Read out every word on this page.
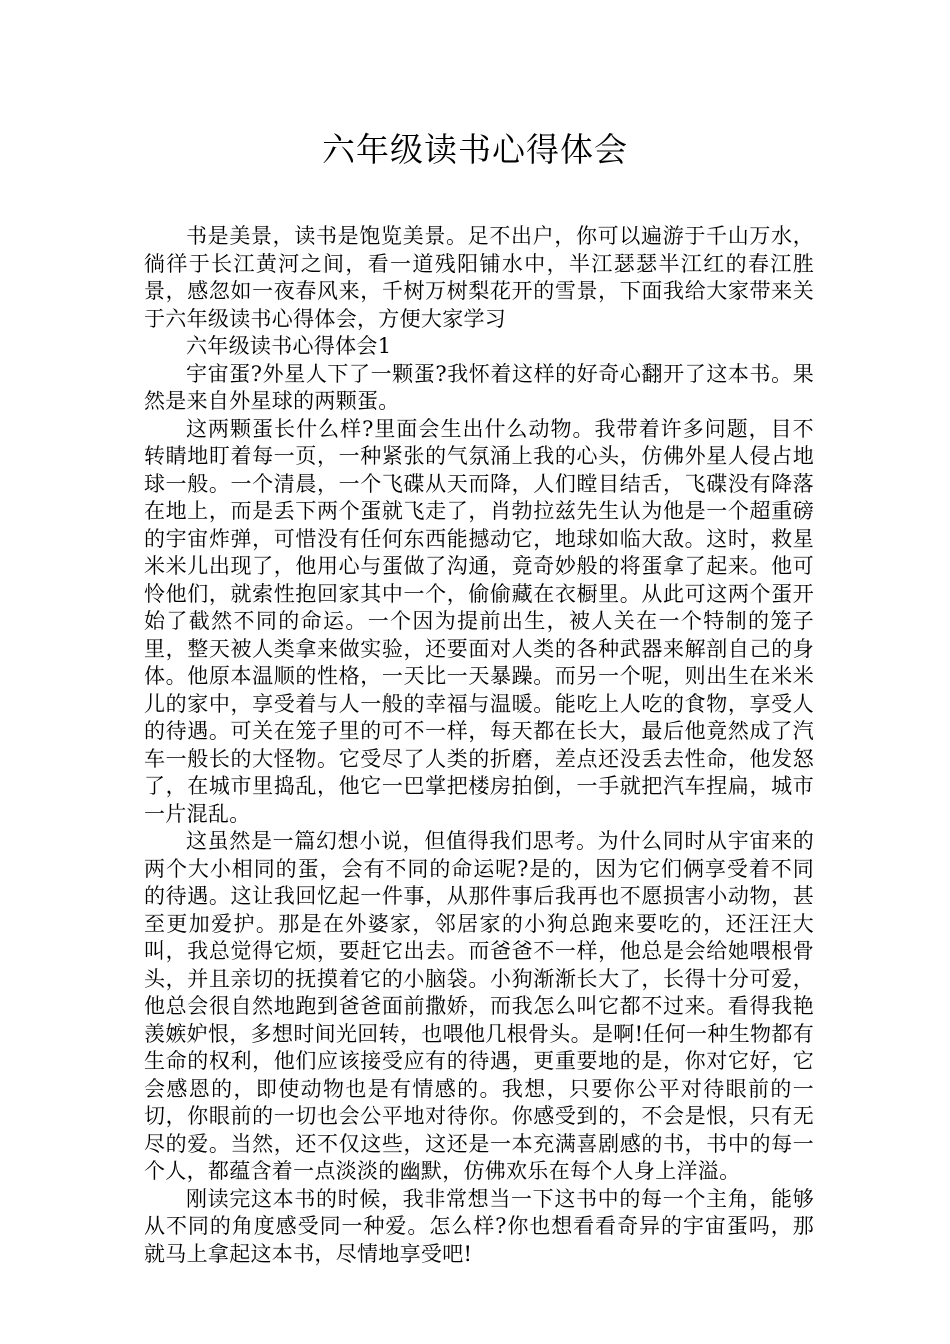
六年级读书心得体会

书是美景，读书是饱览美景。足不出户，你可以遍游于千山万水，徜徉于长江黄河之间，看一道残阳铺水中，半江瑟瑟半江红的春江胜景，感忽如一夜春风来，千树万树梨花开的雪景，下面我给大家带来关于六年级读书心得体会，方便大家学习

六年级读书心得体会1

宇宙蛋?外星人下了一颗蛋?我怀着这样的好奇心翻开了这本书。果然是来自外星球的两颗蛋。

这两颗蛋长什么样?里面会生出什么动物。我带着许多问题，目不转睛地盯着每一页，一种紧张的气氛涌上我的心头，仿佛外星人侵占地球一般。一个清晨，一个飞碟从天而降，人们瞠目结舌，飞碟没有降落在地上，而是丢下两个蛋就飞走了，肖勃拉兹先生认为他是一个超重磅的宇宙炸弹，可惜没有任何东西能撼动它，地球如临大敌。这时，救星米米儿出现了，他用心与蛋做了沟通，竟奇妙般的将蛋拿了起来。他可怜他们，就索性抱回家其中一个，偷偷藏在衣橱里。从此可这两个蛋开始了截然不同的命运。一个因为提前出生，被人关在一个特制的笼子里，整天被人类拿来做实验，还要面对人类的各种武器来解剖自己的身体。他原本温顺的性格，一天比一天暴躁。而另一个呢，则出生在米米儿的家中，享受着与人一般的幸福与温暖。能吃上人吃的食物，享受人的待遇。可关在笼子里的可不一样，每天都在长大，最后他竟然成了汽车一般长的大怪物。它受尽了人类的折磨，差点还没丢去性命，他发怒了，在城市里捣乱，他它一巴掌把楼房拍倒，一手就把汽车捏扁，城市一片混乱。

这虽然是一篇幻想小说，但值得我们思考。为什么同时从宇宙来的两个大小相同的蛋，会有不同的命运呢?是的，因为它们俩享受着不同的待遇。这让我回忆起一件事，从那件事后我再也不愿损害小动物，甚至更加爱护。那是在外婆家，邻居家的小狗总跑来要吃的，还汪汪大叫，我总觉得它烦，要赶它出去。而爸爸不一样，他总是会给她喂根骨头，并且亲切的抚摸着它的小脑袋。小狗渐渐长大了，长得十分可爱，他总会很自然地跑到爸爸面前撒娇，而我怎么叫它都不过来。看得我艳羡嫉妒恨，多想时间光回转，也喂他几根骨头。是啊!任何一种生物都有生命的权利，他们应该接受应有的待遇，更重要地的是，你对它好，它会感恩的，即使动物也是有情感的。我想，只要你公平对待眼前的一切，你眼前的一切也会公平地对待你。你感受到的，不会是恨，只有无尽的爱。当然，还不仅这些，这还是一本充满喜剧感的书，书中的每一个人，都蕴含着一点淡淡的幽默，仿佛欢乐在每个人身上洋溢。

刚读完这本书的时候，我非常想当一下这书中的每一个主角，能够从不同的角度感受同一种爱。怎么样?你也想看看奇异的宇宙蛋吗，那就马上拿起这本书，尽情地享受吧!
